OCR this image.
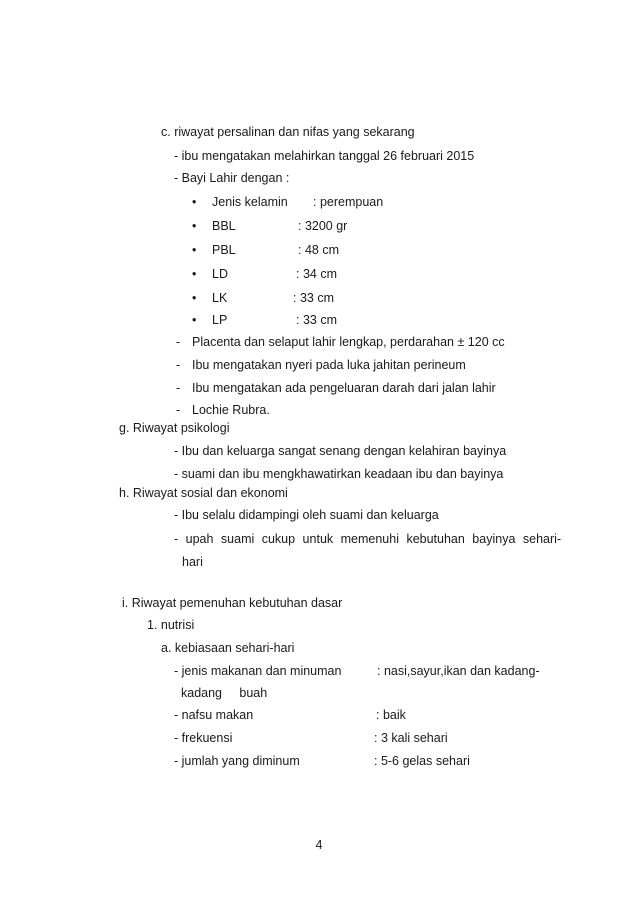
c. riwayat persalinan dan nifas yang sekarang
- ibu mengatakan melahirkan tanggal 26 februari 2015
- Bayi Lahir dengan :
• Jenis kelamin : perempuan
• BBL	: 3200 gr
• PBL	: 48 cm
• LD	: 34 cm
• LK	: 33 cm
• LP	: 33 cm
- Placenta dan selaput lahir lengkap, perdarahan ± 120 cc
- Ibu mengatakan nyeri pada luka jahitan perineum
- Ibu mengatakan ada pengeluaran darah dari jalan lahir
- Lochie Rubra.
g. Riwayat psikologi
- Ibu dan keluarga sangat senang dengan kelahiran bayinya
- suami dan ibu mengkhawatirkan keadaan ibu dan bayinya
h. Riwayat sosial dan ekonomi
- Ibu selalu didampingi oleh suami dan keluarga
- upah suami cukup untuk memenuhi kebutuhan bayinya sehari-
hari
i. Riwayat pemenuhan kebutuhan dasar
1. nutrisi
a. kebiasaan sehari-hari
- jenis makanan dan minuman	: nasi,sayur,ikan dan kadang-
kadang     buah
- nafsu makan	: baik
- frekuensi	: 3 kali sehari
- jumlah yang diminum	: 5-6 gelas sehari
4
